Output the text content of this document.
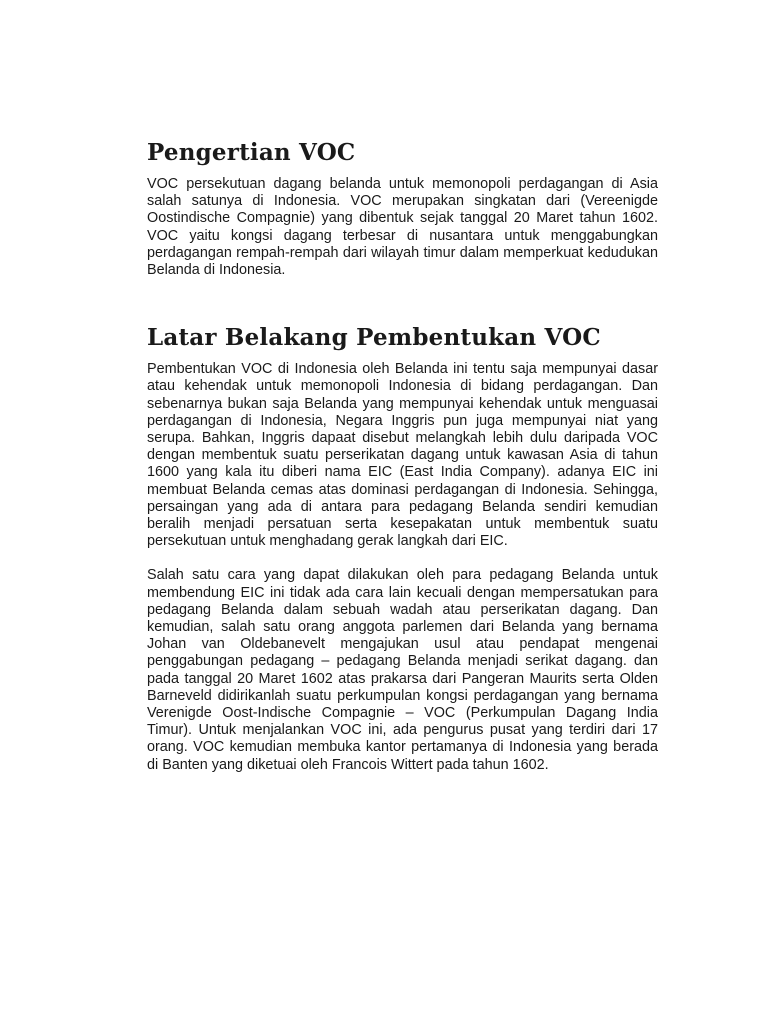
Pengertian VOC

VOC persekutuan dagang belanda untuk memonopoli perdagangan di Asia salah satunya di Indonesia. VOC merupakan singkatan dari (Vereenigde Oostindische Compagnie) yang dibentuk sejak tanggal 20 Maret tahun 1602. VOC yaitu kongsi dagang terbesar di nusantara untuk menggabungkan perdagangan rempah-rempah dari wilayah timur dalam memperkuat kedudukan Belanda di Indonesia.

Latar Belakang Pembentukan VOC

Pembentukan VOC di Indonesia oleh Belanda ini tentu saja mempunyai dasar atau kehendak untuk memonopoli Indonesia di bidang perdagangan. Dan sebenarnya bukan saja Belanda yang mempunyai kehendak untuk menguasai perdagangan di Indonesia, Negara Inggris pun juga mempunyai niat yang serupa. Bahkan, Inggris dapaat disebut melangkah lebih dulu daripada VOC dengan membentuk suatu perserikatan dagang untuk kawasan Asia di tahun 1600 yang kala itu diberi nama EIC (East India Company). adanya EIC ini membuat Belanda cemas atas dominasi perdagangan di Indonesia. Sehingga, persaingan yang ada di antara para pedagang Belanda sendiri kemudian beralih menjadi persatuan serta kesepakatan untuk membentuk suatu persekutuan untuk menghadang gerak langkah dari EIC.

Salah satu cara yang dapat dilakukan oleh para pedagang Belanda untuk membendung EIC ini tidak ada cara lain kecuali dengan mempersatukan para pedagang Belanda dalam sebuah wadah atau perserikatan dagang. Dan kemudian, salah satu orang anggota parlemen dari Belanda yang bernama Johan van Oldebanevelt mengajukan usul atau pendapat mengenai penggabungan pedagang – pedagang Belanda menjadi serikat dagang. dan pada tanggal 20 Maret 1602 atas prakarsa dari Pangeran Maurits serta Olden Barneveld didirikanlah suatu perkumpulan kongsi perdagangan yang bernama Verenigde Oost-Indische Compagnie – VOC (Perkumpulan Dagang India Timur). Untuk menjalankan VOC ini, ada pengurus pusat yang terdiri dari 17 orang. VOC kemudian membuka kantor pertamanya di Indonesia yang berada di Banten yang diketuai oleh Francois Wittert pada tahun 1602.
